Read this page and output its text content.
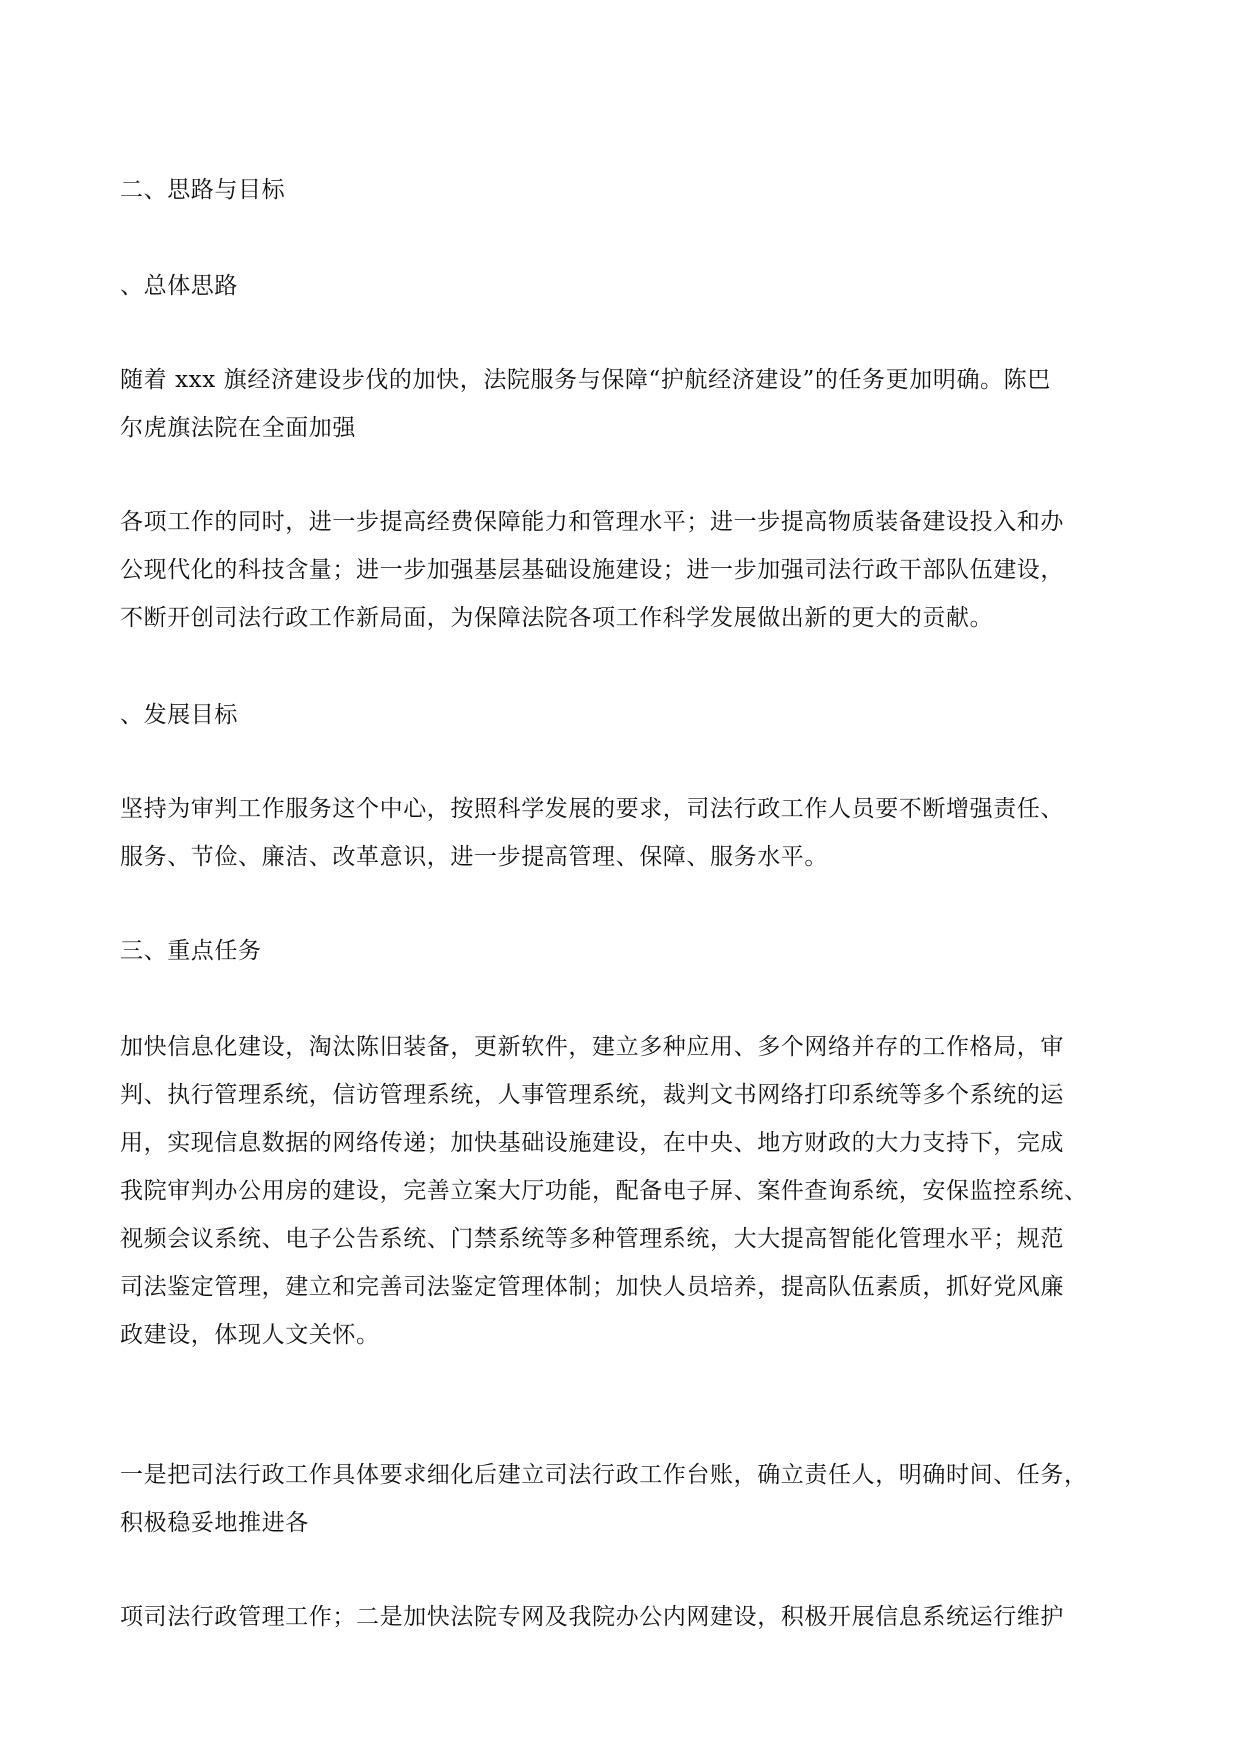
二、思路与目标

、总体思路

随着 xxx 旗经济建设步伐的加快，法院服务与保障“护航经济建设”的任务更加明确。陈巴
尔虎旗法院在全面加强

各项工作的同时，进一步提高经费保障能力和管理水平；进一步提高物质装备建设投入和办
公现代化的科技含量；进一步加强基层基础设施建设；进一步加强司法行政干部队伍建设，
不断开创司法行政工作新局面，为保障法院各项工作科学发展做出新的更大的贡献。

、发展目标

坚持为审判工作服务这个中心，按照科学发展的要求，司法行政工作人员要不断增强责任、
服务、节俭、廉洁、改革意识，进一步提高管理、保障、服务水平。

三、重点任务

加快信息化建设，淘汰陈旧装备，更新软件，建立多种应用、多个网络并存的工作格局，审
判、执行管理系统，信访管理系统，人事管理系统，裁判文书网络打印系统等多个系统的运
用，实现信息数据的网络传递；加快基础设施建设，在中央、地方财政的大力支持下，完成
我院审判办公用房的建设，完善立案大厅功能，配备电子屏、案件查询系统，安保监控系统、
视频会议系统、电子公告系统、门禁系统等多种管理系统，大大提高智能化管理水平；规范
司法鉴定管理，建立和完善司法鉴定管理体制；加快人员培养，提高队伍素质，抓好党风廉
政建设，体现人文关怀。

一是把司法行政工作具体要求细化后建立司法行政工作台账，确立责任人，明确时间、任务，
积极稳妥地推进各

项司法行政管理工作；二是加快法院专网及我院办公内网建设，积极开展信息系统运行维护
